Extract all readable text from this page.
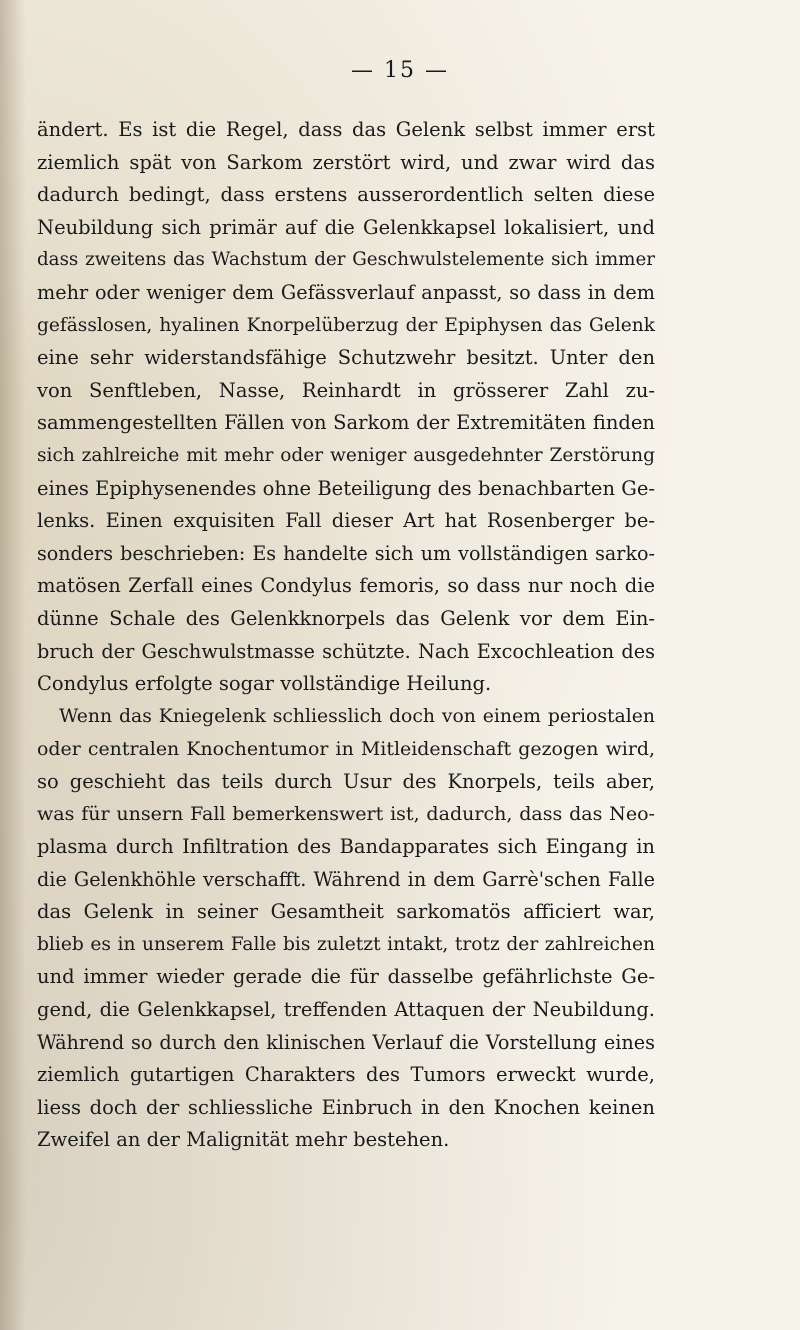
— 15 —
ändert. Es ist die Regel, dass das Gelenk selbst immer erst
ziemlich spät von Sarkom zerstört wird, und zwar wird das
dadurch bedingt, dass erstens ausserordentlich selten diese
Neubildung sich primär auf die Gelenkkapsel lokalisiert, und
dass zweitens das Wachstum der Geschwulstelemente sich immer
mehr oder weniger dem Gefässverlauf anpasst, so dass in dem
gefässlosen, hyalinen Knorpelüberzug der Epiphysen das Gelenk
eine sehr widerstandsfähige Schutzwehr besitzt. Unter den
von Senftleben, Nasse, Reinhardt in grösserer Zahl zu-
sammengestellten Fällen von Sarkom der Extremitäten finden
sich zahlreiche mit mehr oder weniger ausgedehnter Zerstörung
eines Epiphysenendes ohne Beteiligung des benachbarten Ge-
lenks. Einen exquisiten Fall dieser Art hat Rosenberger be-
sonders beschrieben: Es handelte sich um vollständigen sarko-
matösen Zerfall eines Condylus femoris, so dass nur noch die
dünne Schale des Gelenkknorpels das Gelenk vor dem Ein-
bruch der Geschwulstmasse schützte. Nach Excochleation des
Condylus erfolgte sogar vollständige Heilung.
Wenn das Kniegelenk schliesslich doch von einem periostalen
oder centralen Knochentumor in Mitleidenschaft gezogen wird,
so geschieht das teils durch Usur des Knorpels, teils aber,
was für unsern Fall bemerkenswert ist, dadurch, dass das Neo-
plasma durch Infiltration des Bandapparates sich Eingang in
die Gelenkhöhle verschafft. Während in dem Garrè'schen Falle
das Gelenk in seiner Gesamtheit sarkomatös afficiert war,
blieb es in unserem Falle bis zuletzt intakt, trotz der zahlreichen
und immer wieder gerade die für dasselbe gefährlichste Ge-
gend, die Gelenkkapsel, treffenden Attaquen der Neubildung.
Während so durch den klinischen Verlauf die Vorstellung eines
ziemlich gutartigen Charakters des Tumors erweckt wurde,
liess doch der schliessliche Einbruch in den Knochen keinen
Zweifel an der Malignität mehr bestehen.
